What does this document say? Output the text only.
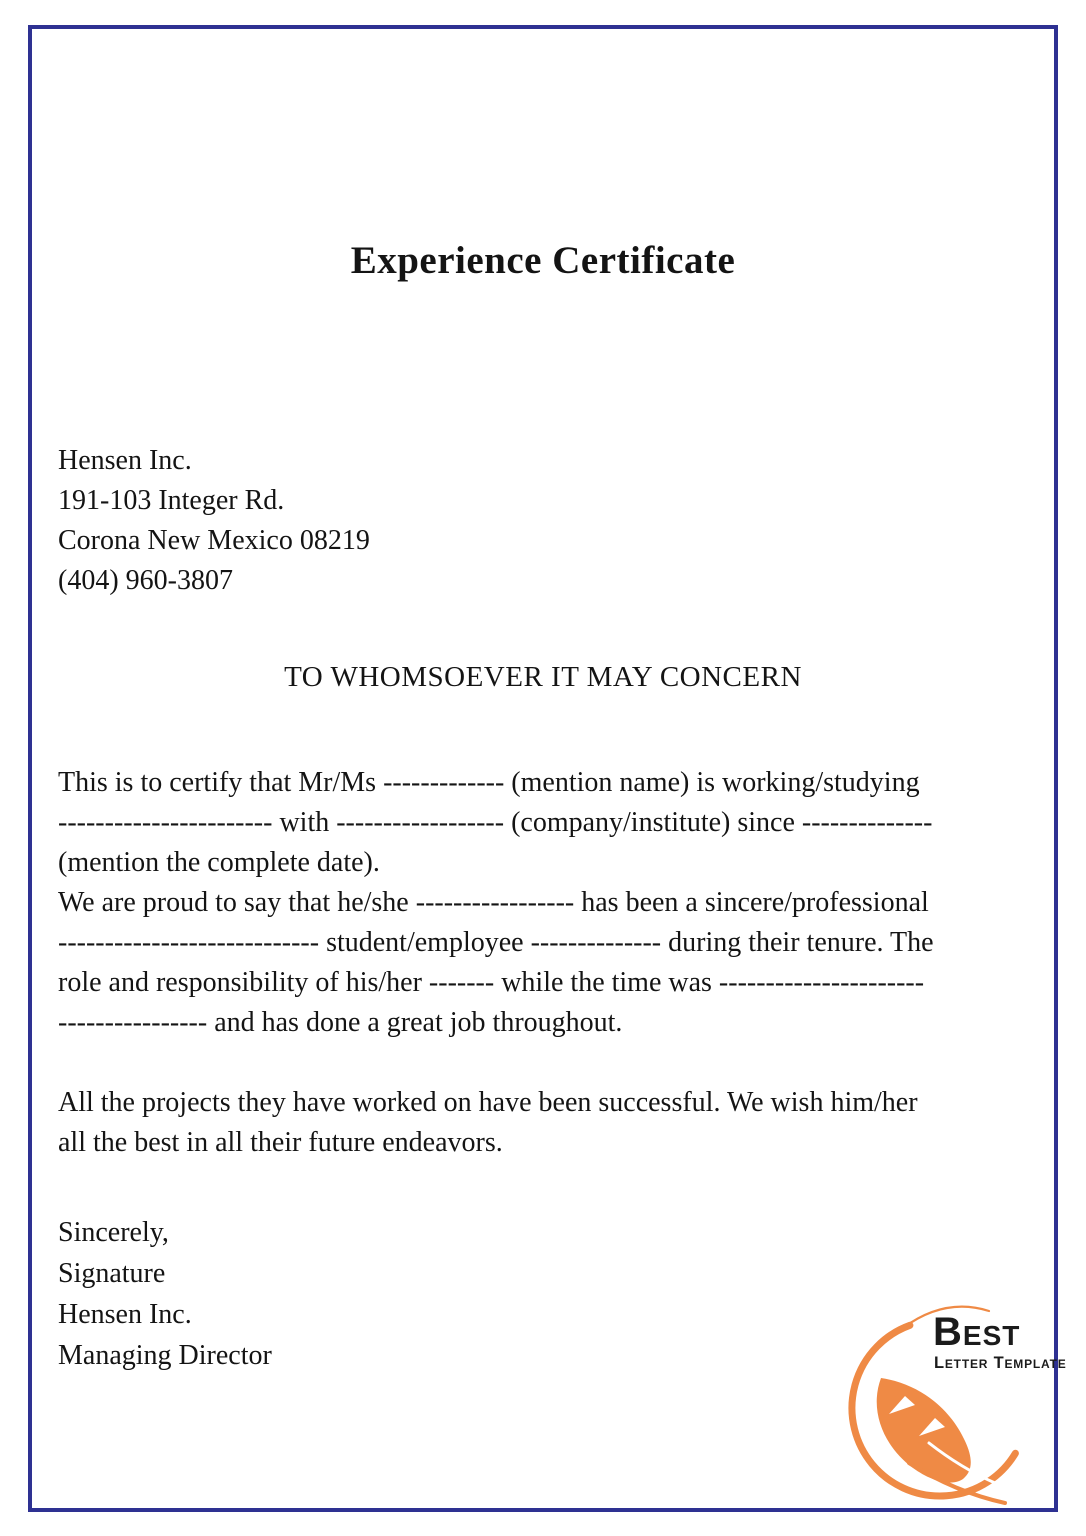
Experience Certificate
Hensen Inc.
191-103 Integer Rd.
Corona New Mexico 08219
(404) 960-3807
TO WHOMSOEVER IT MAY CONCERN
This is to certify that Mr/Ms ------------- (mention name) is working/studying
----------------------- with ------------------ (company/institute) since --------------
(mention the complete date).
We are proud to say that he/she ----------------- has been a sincere/professional
---------------------------- student/employee -------------- during their tenure. The
role and responsibility of his/her ------- while the time was ----------------------
---------------- and has done a great job throughout.
All the projects they have worked on have been successful. We wish him/her
all the best in all their future endeavors.
Sincerely,
Signature
Hensen Inc.
Managing Director
Best
Letter Template
